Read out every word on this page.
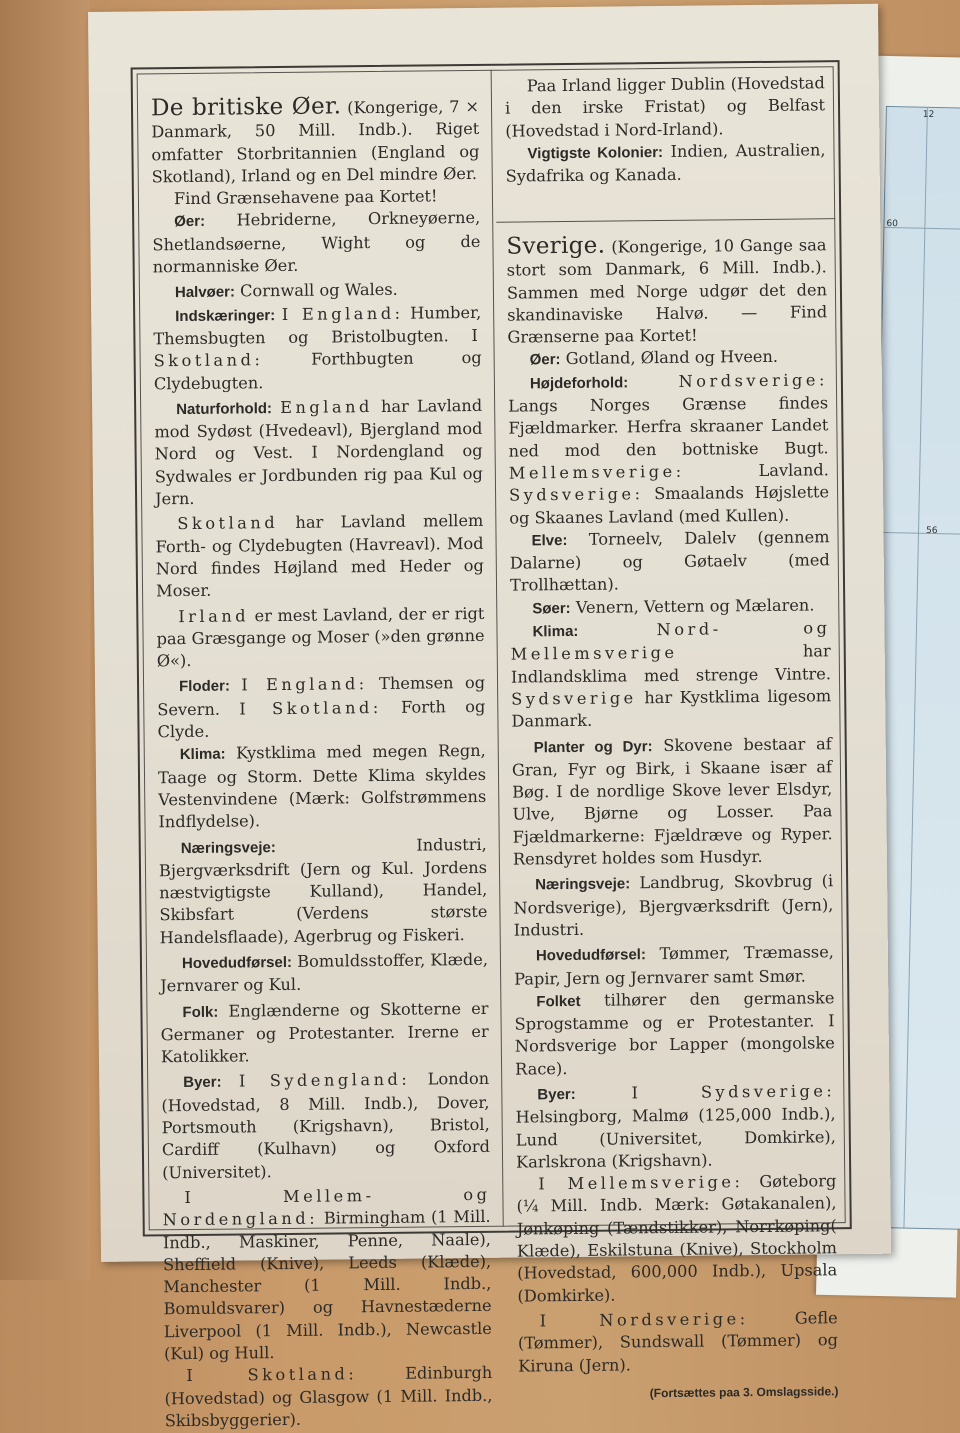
12
60
56

De britiske Øer. (Kongerige, 7 × Danmark, 50 Mill. Indb.). Riget omfatter Storbritannien (England og Skotland), Irland og en Del mindre Øer.

Find Grænsehavene paa Kortet!

Øer: Hebriderne, Orkneyøerne, Shetlandsøerne, Wight og de normanniske Øer.

Halvøer: Cornwall og Wales.

Indskæringer: I England: Humber, Themsbugten og Bristolbugten. I Skotland:	Forthbugten og Clydebugten.

Naturforhold: England har Lavland mod Sydøst (Hvedeavl), Bjergland mod Nord og Vest. I Nordengland og Sydwales er Jordbunden rig paa Kul og Jern.

Skotland har Lavland mellem Forth- og Clydebugten (Havreavl). Mod Nord findes Højland med Heder og Moser.

Irland er mest Lavland, der er rigt paa Græsgange og Moser (»den grønne Ø«).

Floder: I England: Themsen og Severn. I Skotland: Forth og Clyde.

Klima: Kystklima med megen Regn, Taage og Storm. Dette Klima skyldes Vestenvindene (Mærk: Golfstrømmens Indflydelse).

Næringsveje:	Industri, Bjergværksdrift (Jern og Kul. Jordens næstvigtigste Kulland), Handel, Skibsfart (Verdens største Handelsflaade), Agerbrug og Fiskeri.

Hovedudførsel: Bomuldsstoffer, Klæde, Jernvarer og Kul.

Folk: Englænderne og Skotterne er Germaner og Protestanter. Irerne er Katolikker.

Byer: I Sydengland: London (Hovedstad, 8 Mill. Indb.), Dover, Portsmouth (Krigshavn), Bristol, Cardiff (Kulhavn) og Oxford (Universitet).

I Mellem- og Nordengland: Birmingham (1 Mill. Indb., Maskiner, Penne, Naale), Sheffield (Knive), Leeds (Klæde), Manchester (1 Mill. Indb., Bomuldsvarer) og Havnestæderne Liverpool (1 Mill. Indb.), Newcastle (Kul) og Hull.

I Skotland:	Edinburgh (Hovedstad) og Glasgow (1 Mill. Indb., Skibsbyggerier).

Paa Irland ligger Dublin (Hovedstad i den irske Fristat) og Belfast (Hovedstad i Nord-Irland).

Vigtigste Kolonier: Indien, Australien, Sydafrika og Kanada.

Sverige. (Kongerige, 10 Gange saa stort som Danmark, 6 Mill. Indb.). Sammen med Norge udgør det den skandinaviske Halvø. — Find Grænserne paa Kortet!

Øer: Gotland, Øland og Hveen.

Højdeforhold:	Nordsverige: Langs Norges Grænse findes Fjældmarker. Herfra skraaner Landet ned mod den bottniske Bugt. Mellemsverige:	Lavland. Sydsverige: Smaalands Højslette og Skaanes Lavland (med Kullen).

Elve: Torneelv, Dalelv (gennem Dalarne) og Gøtaelv (med Trollhættan).

Søer: Venern, Vettern og Mælaren.

Klima:	Nord- og Mellemsverige	har Indlandsklima med strenge Vintre. Sydsverige har Kystklima ligesom Danmark.

Planter og Dyr: Skovene bestaar af Gran, Fyr og Birk, i Skaane især af Bøg. I de nordlige Skove lever Elsdyr, Ulve, Bjørne og Losser. Paa Fjældmarkerne: Fjældræve og Ryper. Rensdyret holdes som Husdyr.

Næringsveje: Landbrug, Skovbrug (i Nordsverige), Bjergværksdrift (Jern), Industri.

Hovedudførsel: Tømmer, Træmasse, Papir, Jern og Jernvarer samt Smør.

Folket tilhører den germanske Sprogstamme og er Protestanter. I Nordsverige bor Lapper (mongolske Race).

Byer:	I Sydsverige: Helsingborg, Malmø (125,000 Indb.), Lund (Universitet, Domkirke), Karlskrona (Krigshavn).

I Mellemsverige: Gøteborg (¼ Mill. Indb. Mærk: Gøtakanalen), Jønkøping (Tændstikker), Norrkøping( Klæde), Eskilstuna (Knive), Stockholm (Hovedstad, 600,000 Indb.), Upsala (Domkirke).

I Nordsverige:	Gefle (Tømmer), Sundswall (Tømmer) og Kiruna (Jern).

(Fortsættes paa 3. Omslagsside.)
